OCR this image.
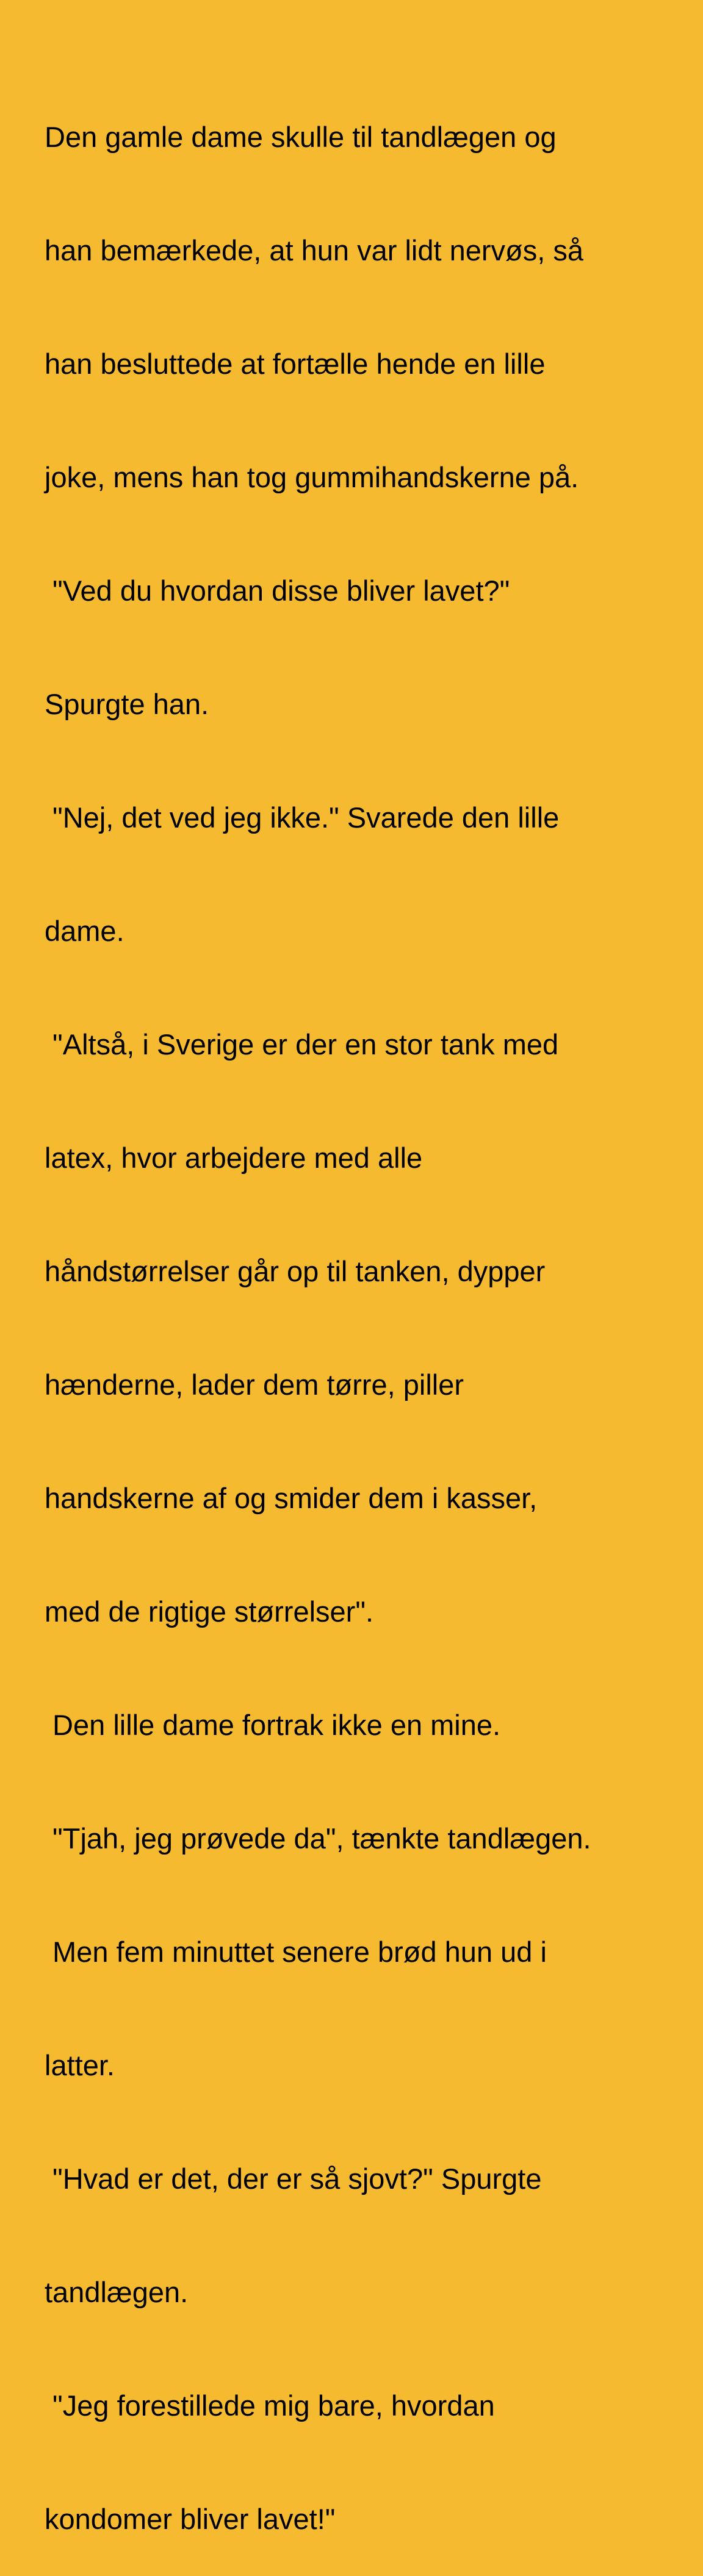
Den gamle dame skulle til tandlægen og

han bemærkede, at hun var lidt nervøs, så

han besluttede at fortælle hende en lille

joke, mens han tog gummihandskerne på.

"Ved du hvordan disse bliver lavet?"

Spurgte han.

"Nej, det ved jeg ikke." Svarede den lille

dame.

"Altså, i Sverige er der en stor tank med

latex, hvor arbejdere med alle

håndstørrelser går op til tanken, dypper

hænderne, lader dem tørre, piller

handskerne af og smider dem i kasser,

med de rigtige størrelser".

Den lille dame fortrak ikke en mine.

"Tjah, jeg prøvede da", tænkte tandlægen.

Men fem minuttet senere brød hun ud i

latter.

"Hvad er det, der er så sjovt?" Spurgte

tandlægen.

"Jeg forestillede mig bare, hvordan

kondomer bliver lavet!"
